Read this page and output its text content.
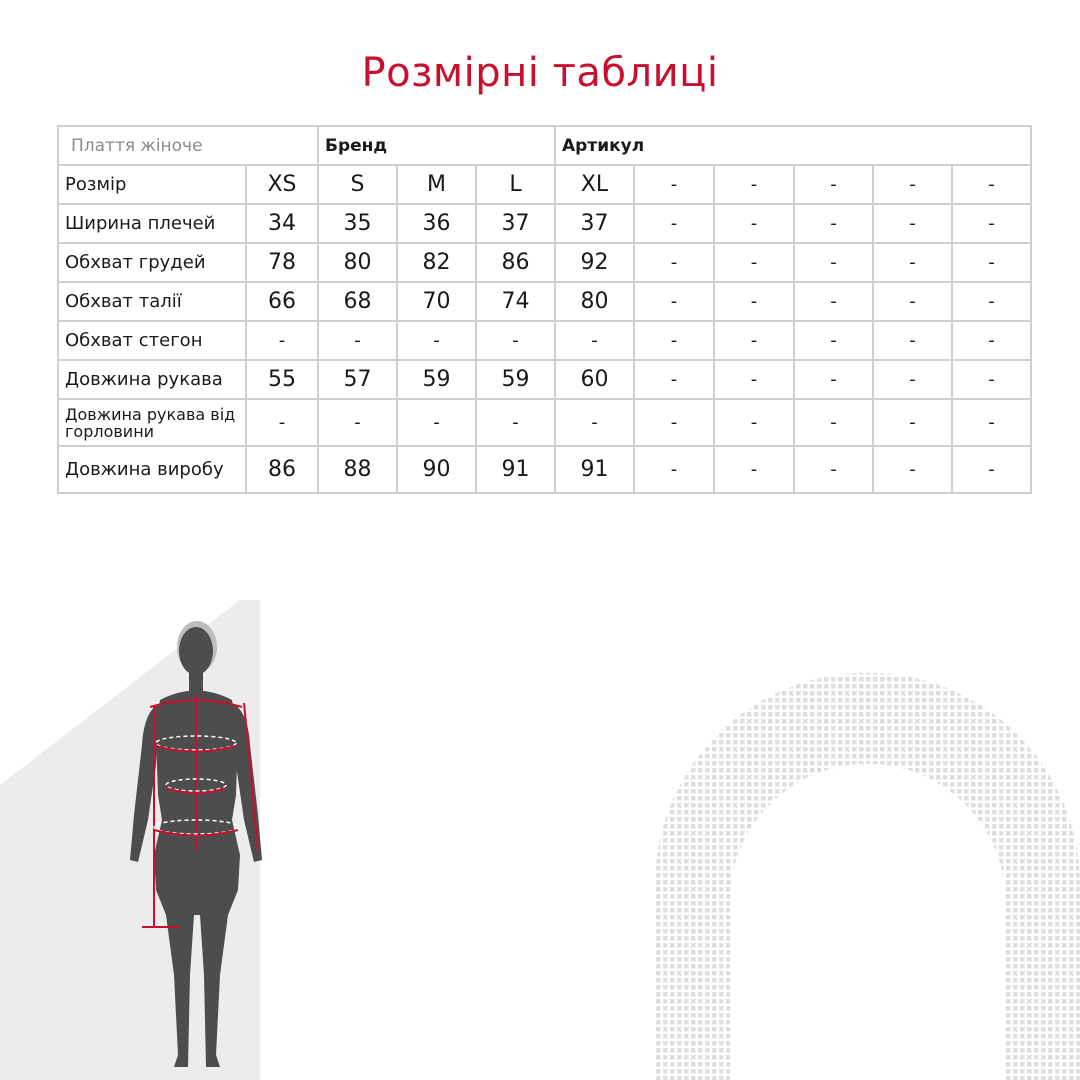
Розмірні таблиці
Плаття жіноче		Бренд			Артикул					
Розмір	XS	S	M	L	XL	-	-	-	-	-
Ширина плечей	34	35	36	37	37	-	-	-	-	-
Обхват грудей	78	80	82	86	92	-	-	-	-	-
Обхват талії	66	68	70	74	80	-	-	-	-	-
Обхват стегон	-	-	-	-	-	-	-	-	-	-
Довжина рукава	55	57	59	59	60	-	-	-	-	-
Довжина рукава від горловини	-	-	-	-	-	-	-	-	-	-
Довжина виробу	86	88	90	91	91	-	-	-	-	-
